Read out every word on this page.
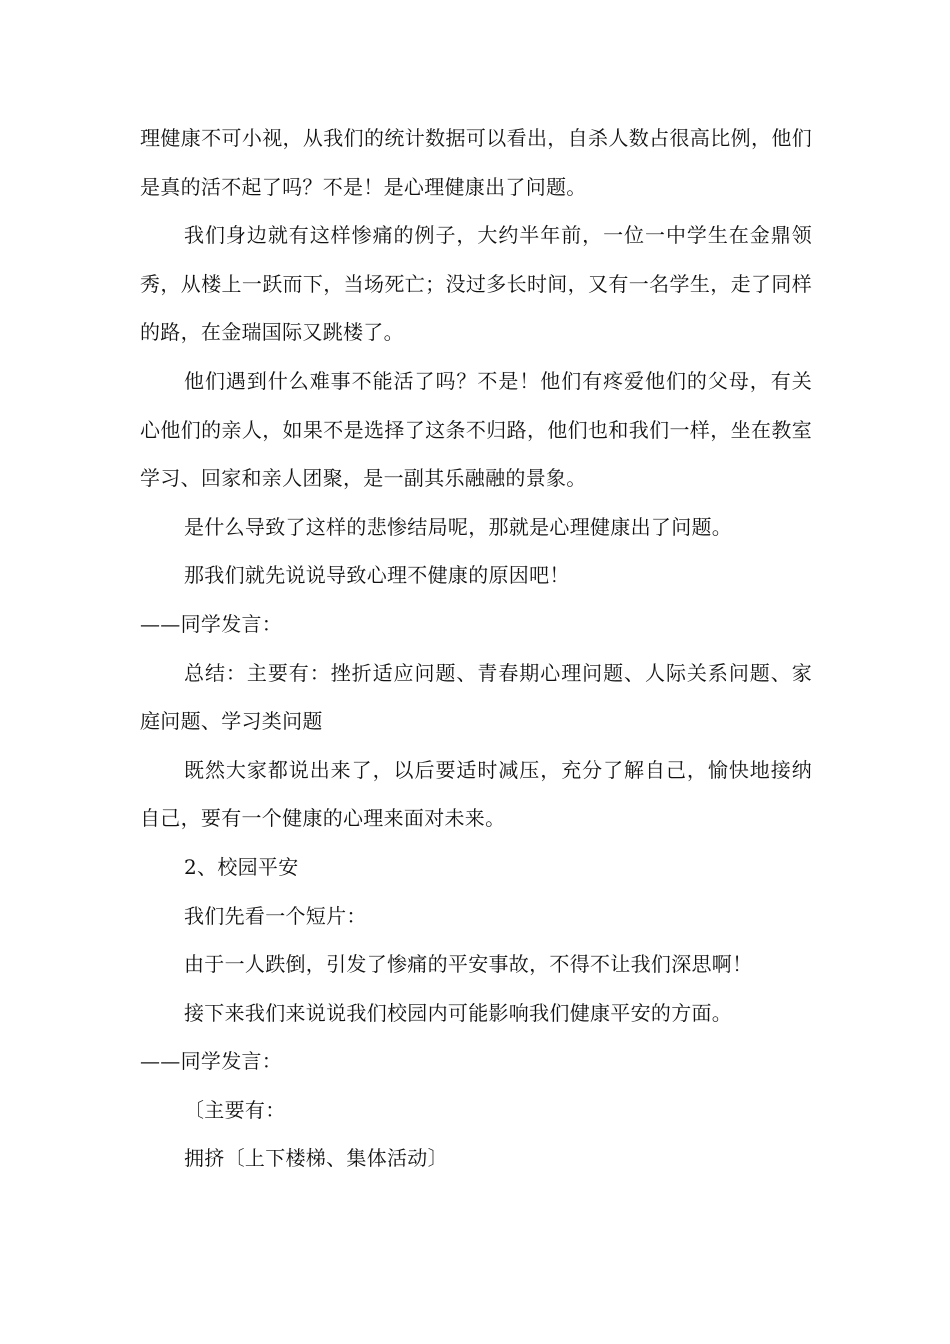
理健康不可小视，从我们的统计数据可以看出，自杀人数占很高比例，他们是真的活不起了吗？不是！是心理健康出了问题。

我们身边就有这样惨痛的例子，大约半年前，一位一中学生在金鼎领秀，从楼上一跃而下，当场死亡；没过多长时间，又有一名学生，走了同样的路，在金瑞国际又跳楼了。

他们遇到什么难事不能活了吗？不是！他们有疼爱他们的父母，有关心他们的亲人，如果不是选择了这条不归路，他们也和我们一样，坐在教室学习、回家和亲人团聚，是一副其乐融融的景象。

是什么导致了这样的悲惨结局呢，那就是心理健康出了问题。

那我们就先说说导致心理不健康的原因吧！

——同学发言：

总结：主要有：挫折适应问题、青春期心理问题、人际关系问题、家庭问题、学习类问题

既然大家都说出来了，以后要适时减压，充分了解自己，愉快地接纳自己，要有一个健康的心理来面对未来。

2、校园平安

我们先看一个短片：

由于一人跌倒，引发了惨痛的平安事故，不得不让我们深思啊！

接下来我们来说说我们校园内可能影响我们健康平安的方面。

——同学发言：

〔主要有：

拥挤〔上下楼梯、集体活动〕
